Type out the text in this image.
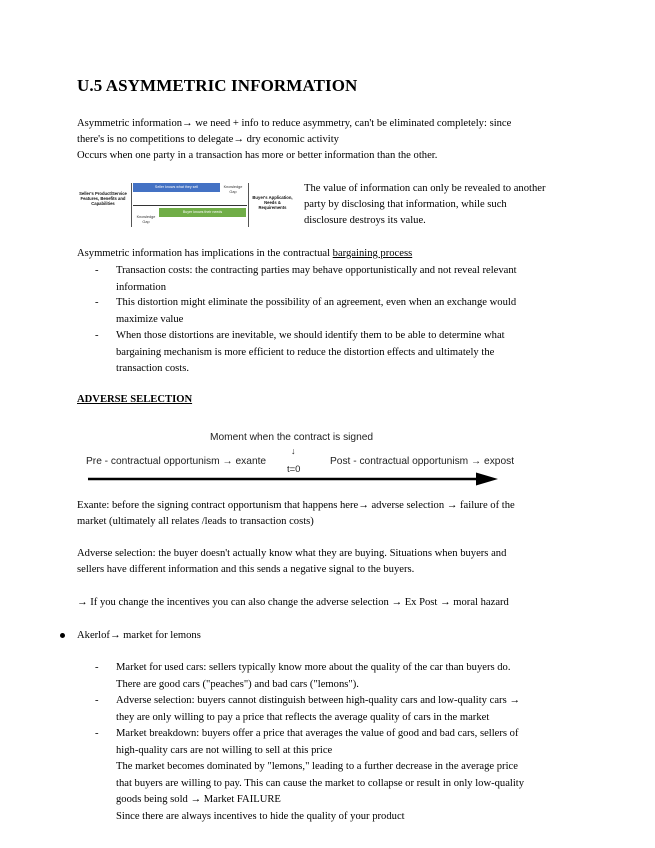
U.5 ASYMMETRIC INFORMATION
Asymmetric information→ we need + info to reduce asymmetry, can't be eliminated completely: since
there's is no competitions to delegate→ dry economic activity
Occurs when one party in a transaction has more or better information than the other.
Seller's Product/Service Features, Benefits and Capabilities
Seller knows what they sell	Knowledge Gap
Knowledge Gap
Buyer knows their needs
Buyer's Application, Needs & Requirements
The value of information can only be revealed to another
party by disclosing that information, while such
disclosure destroys its value.
Asymmetric information has implications in the contractual bargaining process
- Transaction costs: the contracting parties may behave opportunistically and not reveal relevant
information
- This distortion might eliminate the possibility of an agreement, even when an exchange would
maximize value
- When those distortions are inevitable, we should identify them to be able to determine what
bargaining mechanism is more efficient to reduce the distortion effects and ultimately the
transaction costs.
ADVERSE SELECTION
Moment when the contract is signed
↓
Pre - contractual opportunism → exante
t=0
Post - contractual opportunism → expost
Exante: before the signing contract opportunism that happens here→ adverse selection → failure of the
market (ultimately all relates /leads to transaction costs)
Adverse selection: the buyer doesn't actually know what they are buying. Situations when buyers and
sellers have different information and this sends a negative signal to the buyers.
→ If you change the incentives you can also change the adverse selection → Ex Post → moral hazard
Akerlof→ market for lemons
- Market for used cars: sellers typically know more about the quality of the car than buyers do.
There are good cars ("peaches") and bad cars ("lemons").
- Adverse selection: buyers cannot distinguish between high-quality cars and low-quality cars →
they are only willing to pay a price that reflects the average quality of cars in the market
- Market breakdown: buyers offer a price that averages the value of good and bad cars, sellers of
high-quality cars are not willing to sell at this price
The market becomes dominated by "lemons," leading to a further decrease in the average price
that buyers are willing to pay. This can cause the market to collapse or result in only low-quality
goods being sold → Market FAILURE
Since there are always incentives to hide the quality of your product
